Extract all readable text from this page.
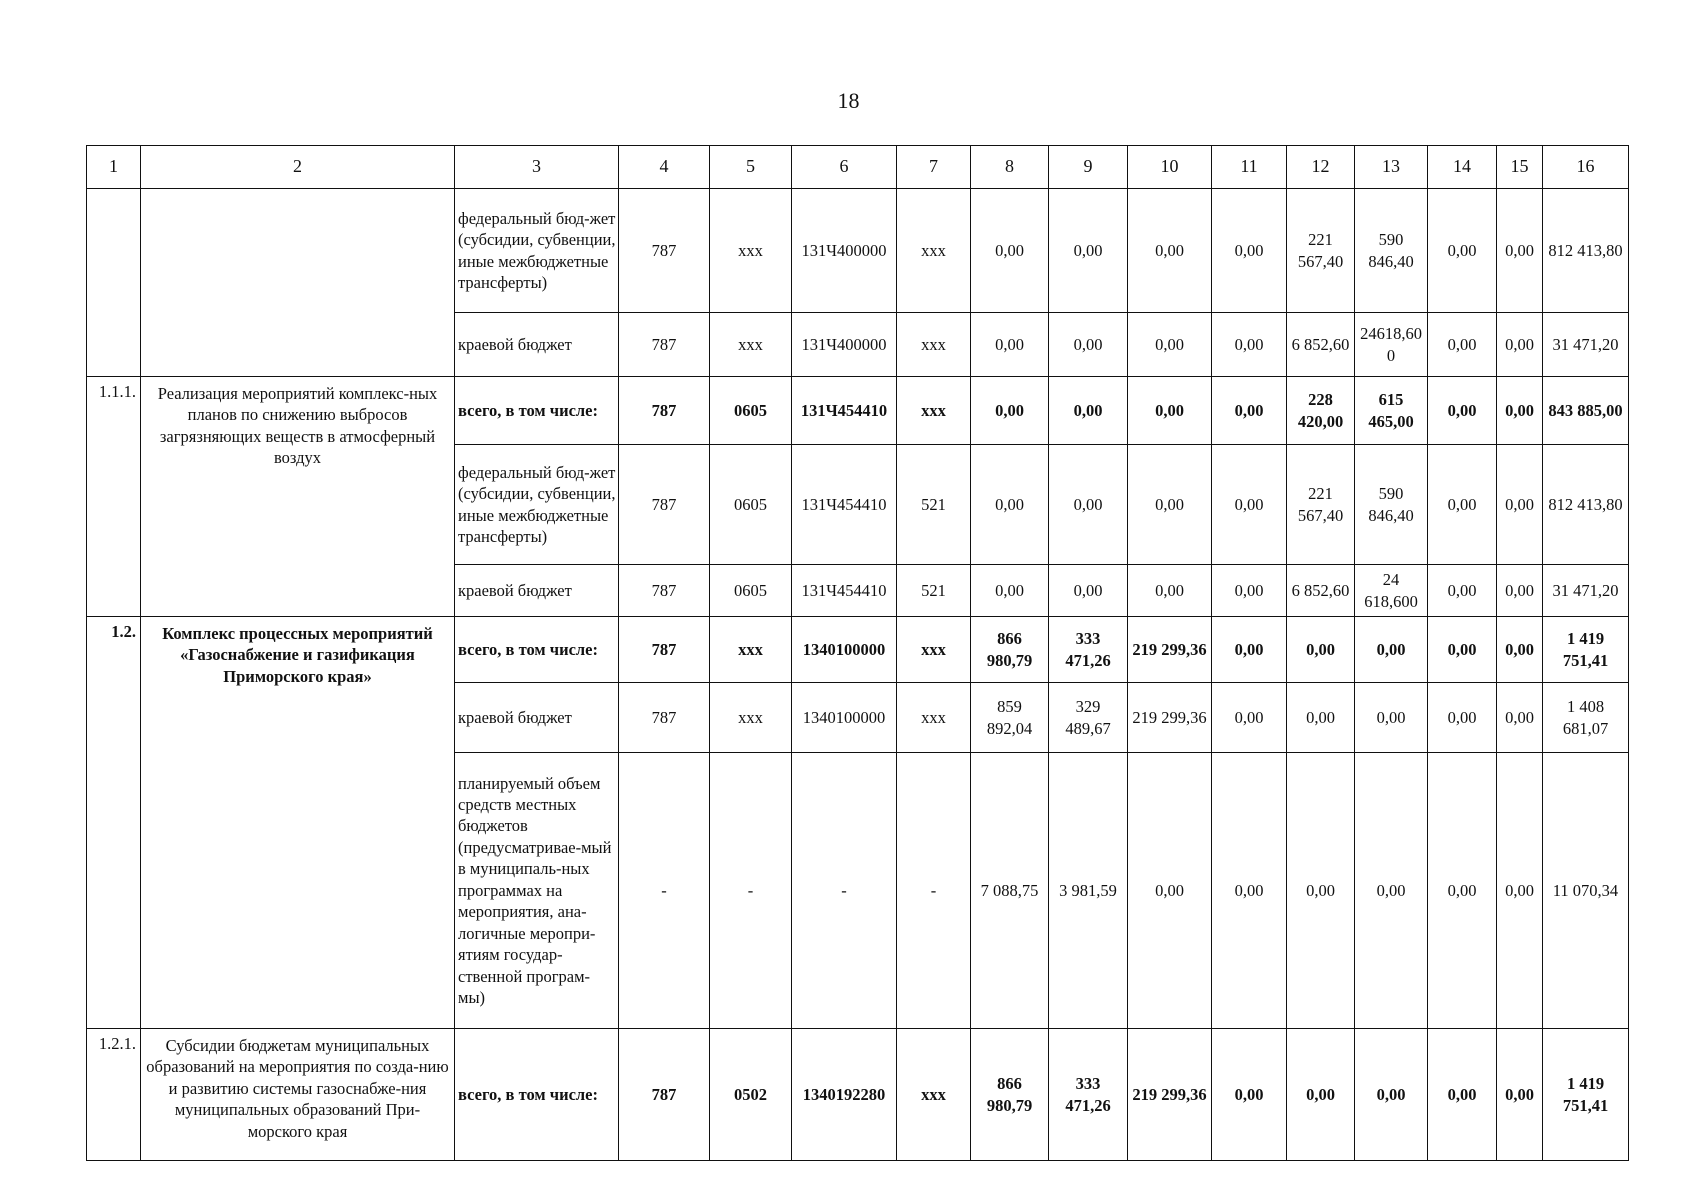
18
1	2	3	4	5	6	7	8	9	10	11	12	13	14	15	16
		федеральный бюд-жет (субсидии, субвенции, иные межбюджетные трансферты)	787	ххх	131Ч400000	ххх	0,00	0,00	0,00	0,00	221 567,40	590 846,40	0,00	0,00	812 413,80
		краевой бюджет	787	ххх	131Ч400000	ххх	0,00	0,00	0,00	0,00	6 852,60	24618,600	0,00	0,00	31 471,20
1.1.1.	Реализация мероприятий комплекс-ных планов по снижению выбросов загрязняющих веществ в атмосферный воздух	всего, в том числе:	787	0605	131Ч454410	ххх	0,00	0,00	0,00	0,00	228 420,00	615 465,00	0,00	0,00	843 885,00
		федеральный бюд-жет (субсидии, субвенции, иные межбюджетные трансферты)	787	0605	131Ч454410	521	0,00	0,00	0,00	0,00	221 567,40	590 846,40	0,00	0,00	812 413,80
		краевой бюджет	787	0605	131Ч454410	521	0,00	0,00	0,00	0,00	6 852,60	24 618,600	0,00	0,00	31 471,20
1.2.	Комплекс процессных мероприятий «Газоснабжение и газификация Приморского края»	всего, в том числе:	787	ххх	1340100000	ххх	866 980,79	333 471,26	219 299,36	0,00	0,00	0,00	0,00	0,00	1 419 751,41
		краевой бюджет	787	ххх	1340100000	ххх	859 892,04	329 489,67	219 299,36	0,00	0,00	0,00	0,00	0,00	1 408 681,07
		планируемый объем средств местных бюджетов (предусматривае-мый в муниципаль-ных программах на мероприятия, ана-логичные меропри-ятиям государ-ственной програм-мы)	-	-	-	-	7 088,75	3 981,59	0,00	0,00	0,00	0,00	0,00	0,00	11 070,34
1.2.1.	Субсидии бюджетам муниципальных образований на мероприятия по созда-нию и развитию системы газоснабже-ния муниципальных образований При-морского края	всего, в том числе:	787	0502	1340192280	ххх	866 980,79	333 471,26	219 299,36	0,00	0,00	0,00	0,00	0,00	1 419 751,41
